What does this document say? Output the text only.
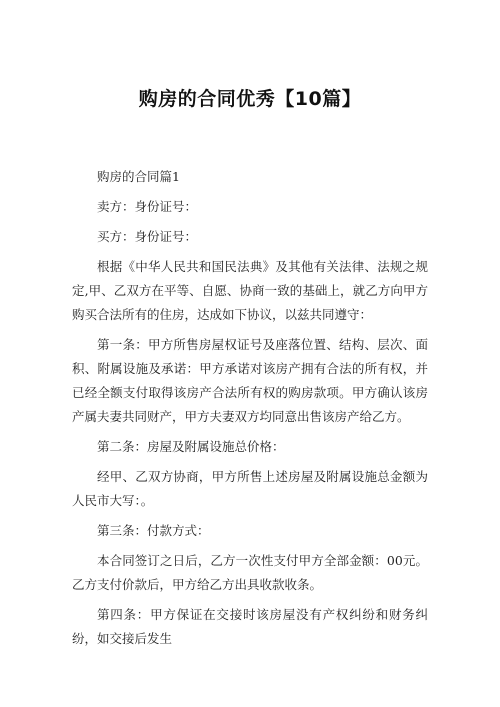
购房的合同优秀【10篇】

购房的合同篇1

卖方：身份证号：

买方：身份证号：

根据《中华人民共和国民法典》及其他有关法律、法规之规定,甲、乙双方在平等、自愿、协商一致的基础上，就乙方向甲方购买合法所有的住房，达成如下协议，以兹共同遵守：

第一条：甲方所售房屋权证号及座落位置、结构、层次、面积、附属设施及承诺：甲方承诺对该房产拥有合法的所有权，并已经全额支付取得该房产合法所有权的购房款项。甲方确认该房产属夫妻共同财产，甲方夫妻双方均同意出售该房产给乙方。

第二条：房屋及附属设施总价格：

经甲、乙双方协商，甲方所售上述房屋及附属设施总金额为人民市大写：。

第三条：付款方式：

本合同签订之日后，乙方一次性支付甲方全部金额：00元。乙方支付价款后，甲方给乙方出具收款收条。

第四条：甲方保证在交接时该房屋没有产权纠纷和财务纠纷，如交接后发生
